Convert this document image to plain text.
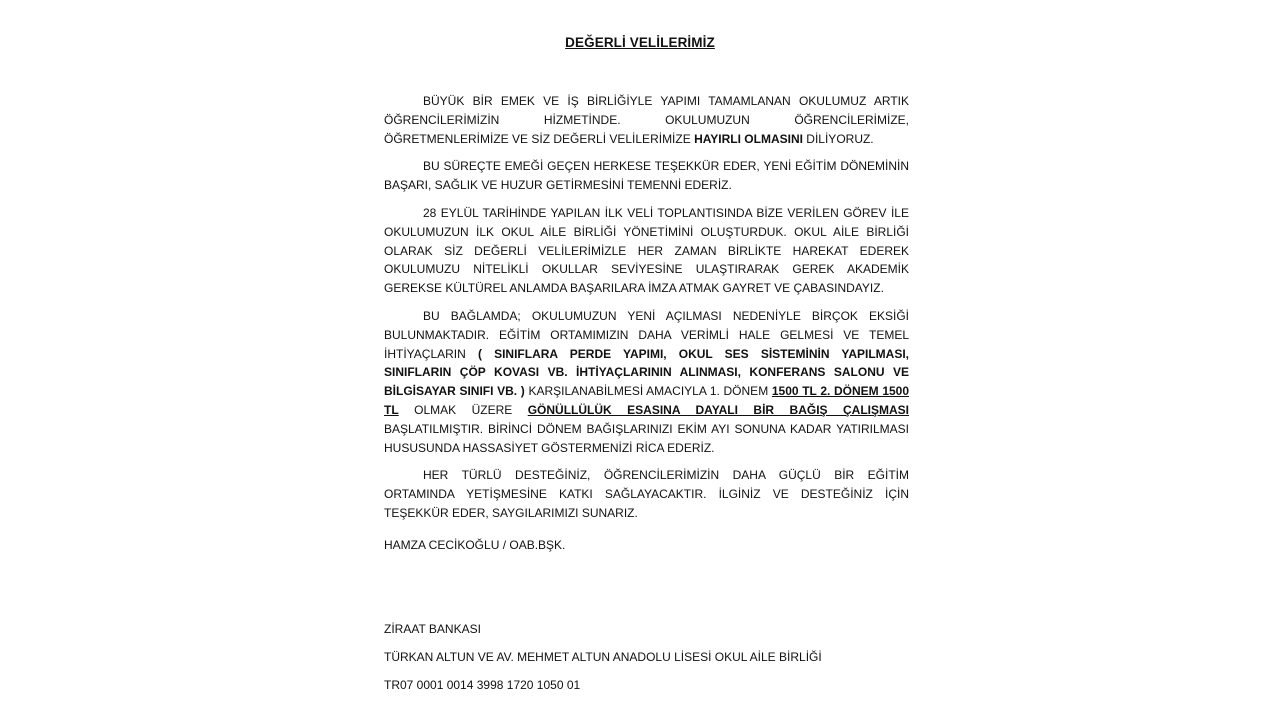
DEĞERLİ VELİLERİMİZ

BÜYÜK BİR EMEK VE İŞ BİRLİĞİYLE YAPIMI TAMAMLANAN OKULUMUZ ARTIK ÖĞRENCİLERİMİZİN HİZMETİNDE. OKULUMUZUN ÖĞRENCİLERİMİZE, ÖĞRETMENLERİMİZE VE SİZ DEĞERLİ VELİLERİMİZE HAYIRLI OLMASINI DİLİYORUZ.

BU SÜREÇTE EMEĞİ GEÇEN HERKESE TEŞEKKÜR EDER, YENİ EĞİTİM DÖNEMİNİN BAŞARI, SAĞLIK VE HUZUR GETİRMESİNİ TEMENNİ EDERİZ.

28 EYLÜL TARİHİNDE YAPILAN İLK VELİ TOPLANTISINDA BİZE VERİLEN GÖREV İLE OKULUMUZUN İLK OKUL AİLE BİRLİĞİ YÖNETİMİNİ OLUŞTURDUK. OKUL AİLE BİRLİĞİ OLARAK SİZ DEĞERLİ VELİLERİMİZLE HER ZAMAN BİRLİKTE HAREKAT EDEREK OKULUMUZU NİTELİKLİ OKULLAR SEVİYESİNE ULAŞTIRARAK GEREK AKADEMİK GEREKSE KÜLTÜREL ANLAMDA BAŞARILARA İMZA ATMAK GAYRET VE ÇABASINDAYIZ.

BU BAĞLAMDA; OKULUMUZUN YENİ AÇILMASI NEDENİYLE BİRÇOK EKSİĞİ BULUNMAKTADIR. EĞİTİM ORTAMIMIZIN DAHA VERİMLİ HALE GELMESİ VE TEMEL İHTİYAÇLARIN ( SINIFLARA PERDE YAPIMI, OKUL SES SİSTEMİNİN YAPILMASI, SINIFLARIN ÇÖP KOVASI VB. İHTİYAÇLARININ ALINMASI, KONFERANS SALONU VE BİLGİSAYAR SINIFI VB. ) KARŞILANABİLMESİ AMACIYLA 1. DÖNEM 1500 TL 2. DÖNEM 1500 TL OLMAK ÜZERE GÖNÜLLÜLÜK ESASINA DAYALI BİR BAĞIŞ ÇALIŞMASI BAŞLATILMIŞTIR. BİRİNCİ DÖNEM BAĞIŞLARINIZI EKİM AYI SONUNA KADAR YATIRILMASI HUSUSUNDA HASSASİYET GÖSTERMENİZİ RİCA EDERİZ.

HER TÜRLÜ DESTEĞİNİZ, ÖĞRENCİLERİMİZİN DAHA GÜÇLÜ BİR EĞİTİM ORTAMINDA YETİŞMESİNE KATKI SAĞLAYACAKTIR. İLGİNİZ VE DESTEĞİNİZ İÇİN TEŞEKKÜR EDER, SAYGILARIMIZI SUNARIZ.

HAMZA CECİKOĞLU / OAB.BŞK.
ZİRAAT BANKASI
TÜRKAN ALTUN VE AV. MEHMET ALTUN ANADOLU LİSESİ OKUL AİLE BİRLİĞİ
TR07 0001 0014 3998 1720 1050 01
